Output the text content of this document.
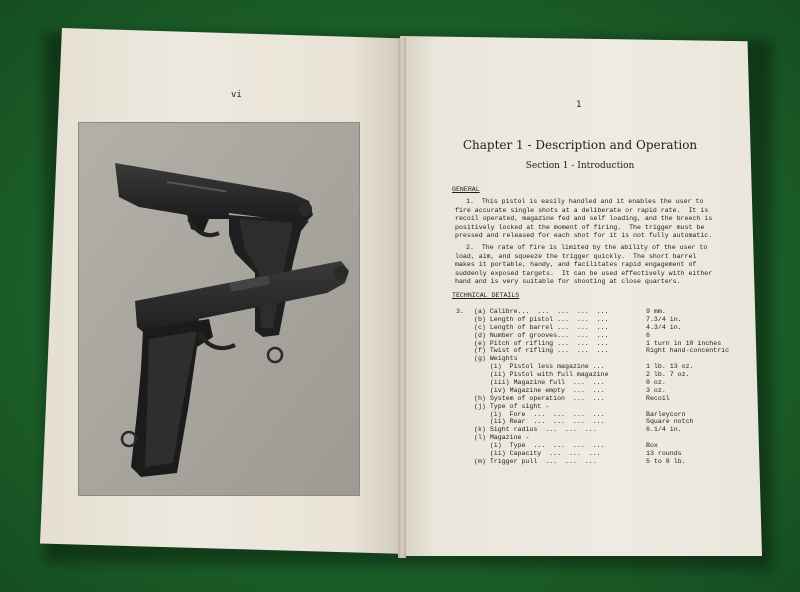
vi
1
Chapter 1 - Description and Operation
Section 1 - Introduction
GENERAL
1.  This pistol is easily handled and it enables the user to
fire accurate single shots at a deliberate or rapid rate.  It is
recoil operated, magazine fed and self loading, and the breech is
positively locked at the moment of firing.  The trigger must be
pressed and released for each shot for it is not fully automatic.
2.  The rate of fire is limited by the ability of the user to
load, aim, and squeeze the trigger quickly.  The short barrel
makes it portable, handy, and facilitates rapid engagement of
suddenly exposed targets.  It can be used effectively with either
hand and is very suitable for shooting at close quarters.
TECHNICAL DETAILS
3. (a) Calibre...  ...  ...  ...  ...	9 mm.
(b) Length of pistol ...  ...  ...	7.3/4 in.
(c) Length of barrel ...  ...  ...	4.3/4 in.
(d) Number of grooves...  ...  ...	6
(e) Pitch of rifling ...  ...  ...	1 turn in 10 inches
(f) Twist of rifling ...  ...  ...	Right hand-concentric
(g) Weights
(i)  Pistol less magazine ...	1 lb. 13 oz.
(ii) Pistol with full magazine	2 lb. 7 oz.
(iii) Magazine full  ...  ...	8 oz.
(iv) Magazine empty  ...  ...	3 oz.
(h) System of operation  ...  ...	Recoil
(j) Type of sight -
(i)  Fore  ...  ...  ...  ...	Barleycorn
(ii) Rear  ...  ...  ...  ...	Square notch
(k) Sight radius  ...  ...  ...	6.1/4 in.
(l) Magazine -
(i)  Type  ...  ...  ...  ...	Box
(ii) Capacity  ...  ...  ...	13 rounds
(m) Trigger pull  ...  ...  ...	5 to 8 lb.
